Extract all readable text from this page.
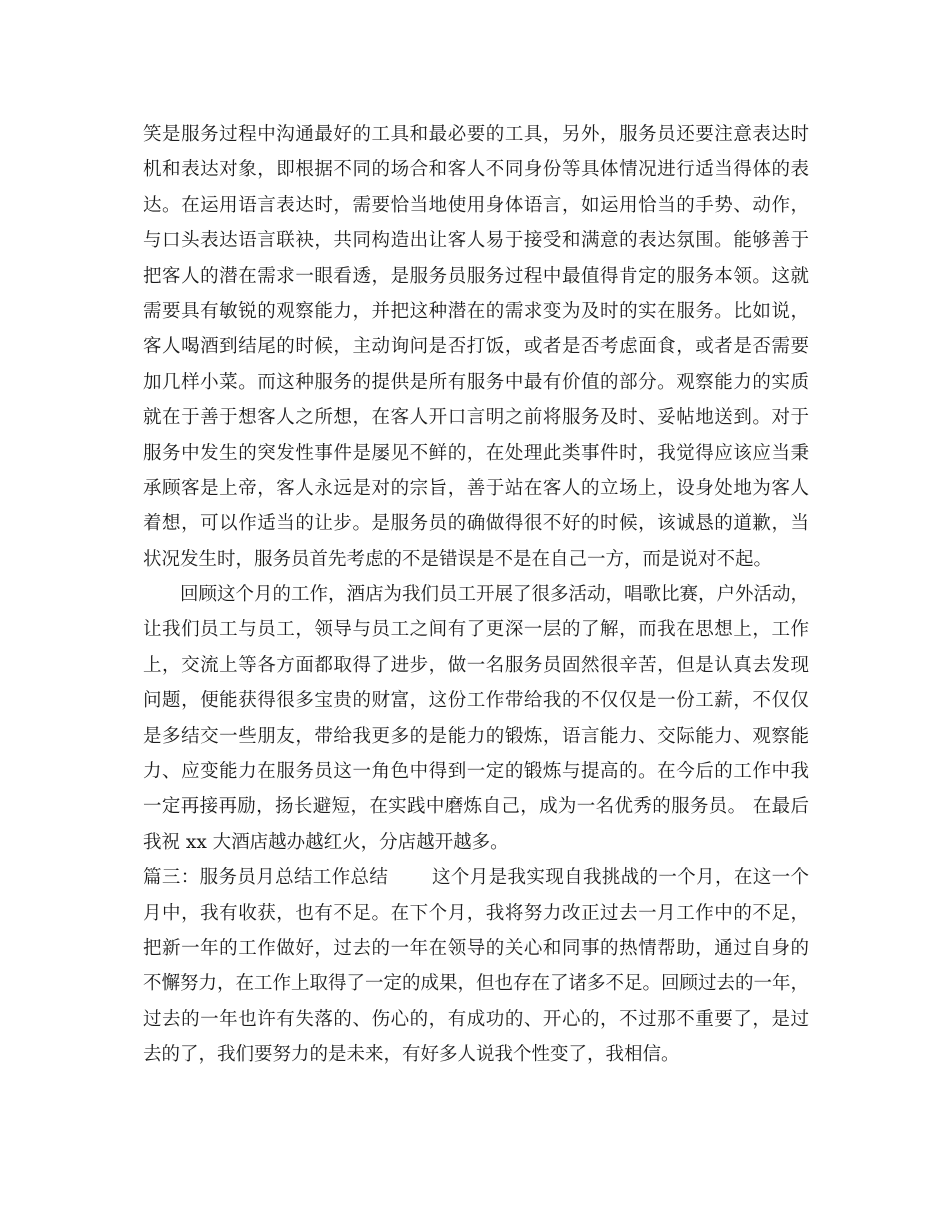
笑是服务过程中沟通最好的工具和最必要的工具，另外，服务员还要注意表达时
机和表达对象，即根据不同的场合和客人不同身份等具体情况进行适当得体的表
达。在运用语言表达时，需要恰当地使用身体语言，如运用恰当的手势、动作，
与口头表达语言联袂，共同构造出让客人易于接受和满意的表达氛围。能够善于
把客人的潜在需求一眼看透，是服务员服务过程中最值得肯定的服务本领。这就
需要具有敏锐的观察能力，并把这种潜在的需求变为及时的实在服务。比如说，
客人喝酒到结尾的时候，主动询问是否打饭，或者是否考虑面食，或者是否需要
加几样小菜。而这种服务的提供是所有服务中最有价值的部分。观察能力的实质
就在于善于想客人之所想，在客人开口言明之前将服务及时、妥帖地送到。对于
服务中发生的突发性事件是屡见不鲜的，在处理此类事件时，我觉得应该应当秉
承顾客是上帝，客人永远是对的宗旨，善于站在客人的立场上，设身处地为客人
着想，可以作适当的让步。是服务员的确做得很不好的时候，该诚恳的道歉，当
状况发生时，服务员首先考虑的不是错误是不是在自己一方，而是说对不起。
回顾这个月的工作，酒店为我们员工开展了很多活动，唱歌比赛，户外活动，
让我们员工与员工，领导与员工之间有了更深一层的了解，而我在思想上，工作
上，交流上等各方面都取得了进步，做一名服务员固然很辛苦，但是认真去发现
问题，便能获得很多宝贵的财富，这份工作带给我的不仅仅是一份工薪，不仅仅
是多结交一些朋友，带给我更多的是能力的锻炼，语言能力、交际能力、观察能
力、应变能力在服务员这一角色中得到一定的锻炼与提高的。在今后的工作中我
一定再接再励，扬长避短，在实践中磨炼自己，成为一名优秀的服务员。 在最后
我祝 xx 大酒店越办越红火，分店越开越多。
篇三：服务员月总结工作总结       这个月是我实现自我挑战的一个月，在这一个
月中，我有收获，也有不足。在下个月，我将努力改正过去一月工作中的不足，
把新一年的工作做好，过去的一年在领导的关心和同事的热情帮助，通过自身的
不懈努力，在工作上取得了一定的成果，但也存在了诸多不足。回顾过去的一年，
过去的一年也许有失落的、伤心的，有成功的、开心的，不过那不重要了，是过
去的了，我们要努力的是未来，有好多人说我个性变了，我相信。
